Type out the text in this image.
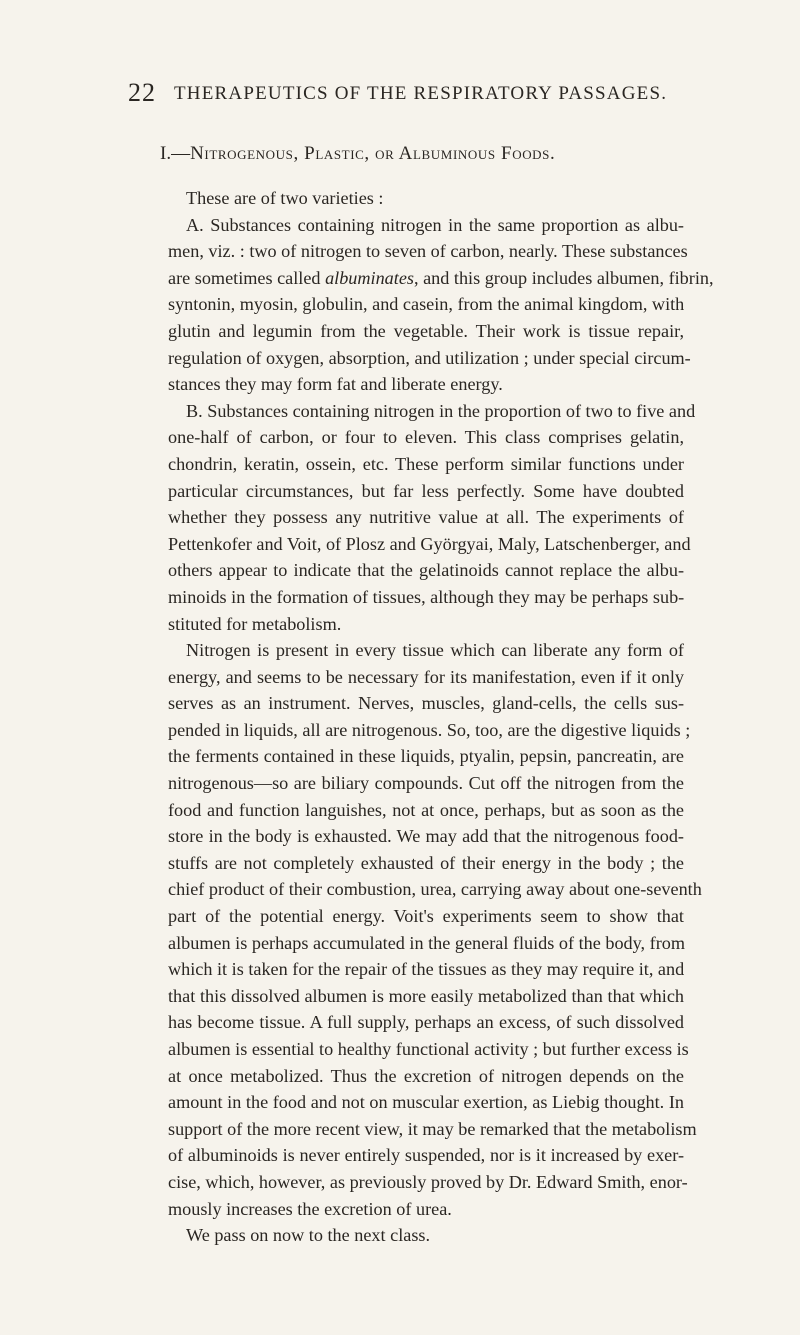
22 THERAPEUTICS OF THE RESPIRATORY PASSAGES.
I.—Nitrogenous, Plastic, or Albuminous Foods.
These are of two varieties :
A. Substances containing nitrogen in the same proportion as albu-
men, viz. : two of nitrogen to seven of carbon, nearly. These substances
are sometimes called albuminates, and this group includes albumen, fibrin,
syntonin, myosin, globulin, and casein, from the animal kingdom, with
glutin and legumin from the vegetable. Their work is tissue repair,
regulation of oxygen, absorption, and utilization ; under special circum-
stances they may form fat and liberate energy.
B. Substances containing nitrogen in the proportion of two to five and
one-half of carbon, or four to eleven. This class comprises gelatin,
chondrin, keratin, ossein, etc. These perform similar functions under
particular circumstances, but far less perfectly. Some have doubted
whether they possess any nutritive value at all. The experiments of
Pettenkofer and Voit, of Plosz and Györgyai, Maly, Latschenberger, and
others appear to indicate that the gelatinoids cannot replace the albu-
minoids in the formation of tissues, although they may be perhaps sub-
stituted for metabolism.
Nitrogen is present in every tissue which can liberate any form of
energy, and seems to be necessary for its manifestation, even if it only
serves as an instrument. Nerves, muscles, gland-cells, the cells sus-
pended in liquids, all are nitrogenous. So, too, are the digestive liquids ;
the ferments contained in these liquids, ptyalin, pepsin, pancreatin, are
nitrogenous—so are biliary compounds. Cut off the nitrogen from the
food and function languishes, not at once, perhaps, but as soon as the
store in the body is exhausted. We may add that the nitrogenous food-
stuffs are not completely exhausted of their energy in the body ; the
chief product of their combustion, urea, carrying away about one-seventh
part of the potential energy. Voit's experiments seem to show that
albumen is perhaps accumulated in the general fluids of the body, from
which it is taken for the repair of the tissues as they may require it, and
that this dissolved albumen is more easily metabolized than that which
has become tissue. A full supply, perhaps an excess, of such dissolved
albumen is essential to healthy functional activity ; but further excess is
at once metabolized. Thus the excretion of nitrogen depends on the
amount in the food and not on muscular exertion, as Liebig thought. In
support of the more recent view, it may be remarked that the metabolism
of albuminoids is never entirely suspended, nor is it increased by exer-
cise, which, however, as previously proved by Dr. Edward Smith, enor-
mously increases the excretion of urea.
We pass on now to the next class.
